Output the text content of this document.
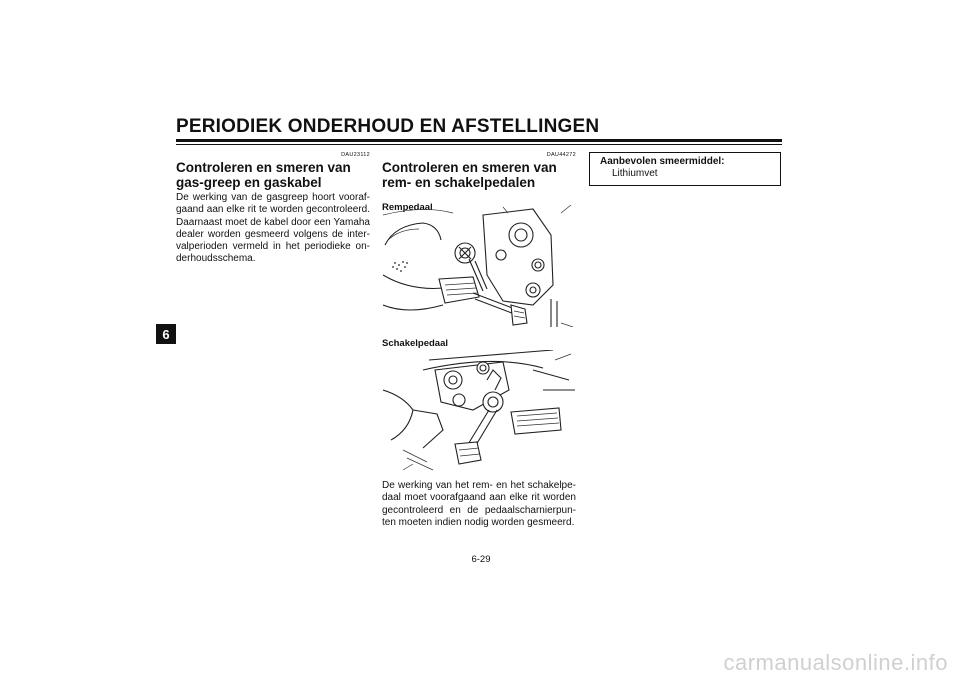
PERIODIEK ONDERHOUD EN AFSTELLINGEN
6
DAU23112
Controleren en smeren van gas-greep en gaskabel
De werking van de gasgreep hoort vooraf-gaand aan elke rit te worden gecontroleerd. Daarnaast moet de kabel door een Yamaha dealer worden gesmeerd volgens de inter-valperioden vermeld in het periodieke on-derhoudsschema.
DAU44272
Controleren en smeren van rem- en schakelpedalen
Rempedaal
Schakelpedaal
De werking van het rem- en het schakelpe-daal moet voorafgaand aan elke rit worden gecontroleerd en de pedaalscharnierpun-ten moeten indien nodig worden gesmeerd.
Aanbevolen smeermiddel:
Lithiumvet
6-29
carmanualsonline.info
